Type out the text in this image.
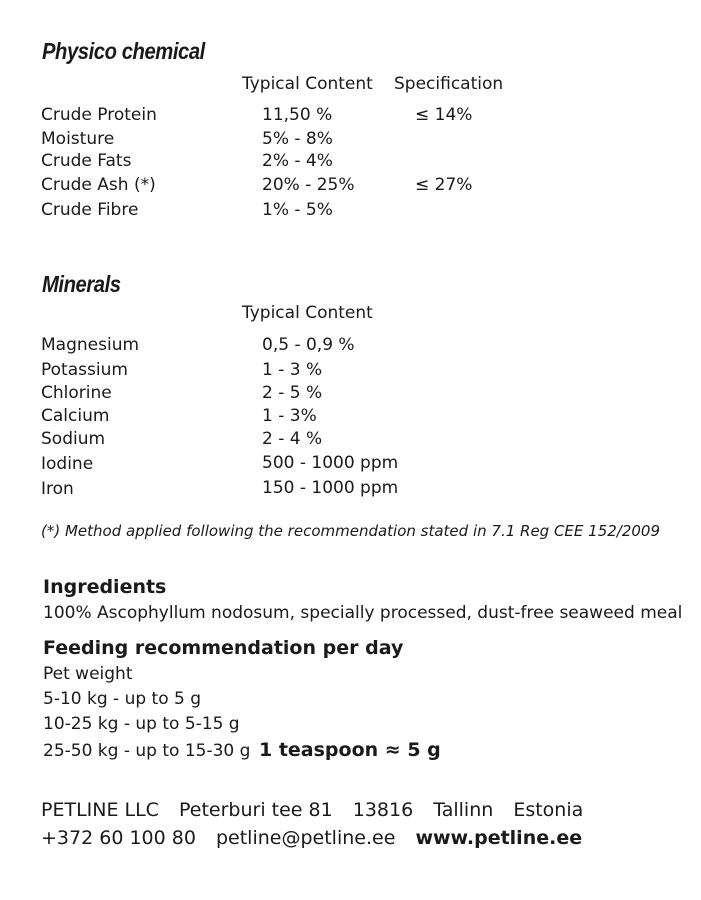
Physico chemical
Typical Content Specification
Crude Protein	11,50 %	≤ 14%
Moisture	5% - 8%
Crude Fats	2% - 4%
Crude Ash (*)	20% - 25%	≤ 27%
Crude Fibre	1% - 5%
Minerals
Typical Content
Magnesium	0,5 - 0,9 %
Potassium	1 - 3 %
Chlorine	2 - 5 %
Calcium	1 - 3%
Sodium	2 - 4 %
Iodine	500 - 1000 ppm
Iron	150 - 1000 ppm
(*) Method applied following the recommendation stated in 7.1 Reg CEE 152/2009
Ingredients
100% Ascophyllum nodosum, specially processed, dust-free seaweed meal
Feeding recommendation per day
Pet weight
5-10 kg - up to 5 g
10-25 kg - up to 5-15 g
25-50 kg - up to 15-30 g 1 teaspoon ≈ 5 g
PETLINE LLC Peterburi tee 81 13816 Tallinn Estonia
+372 60 100 80 petline@petline.ee www.petline.ee
